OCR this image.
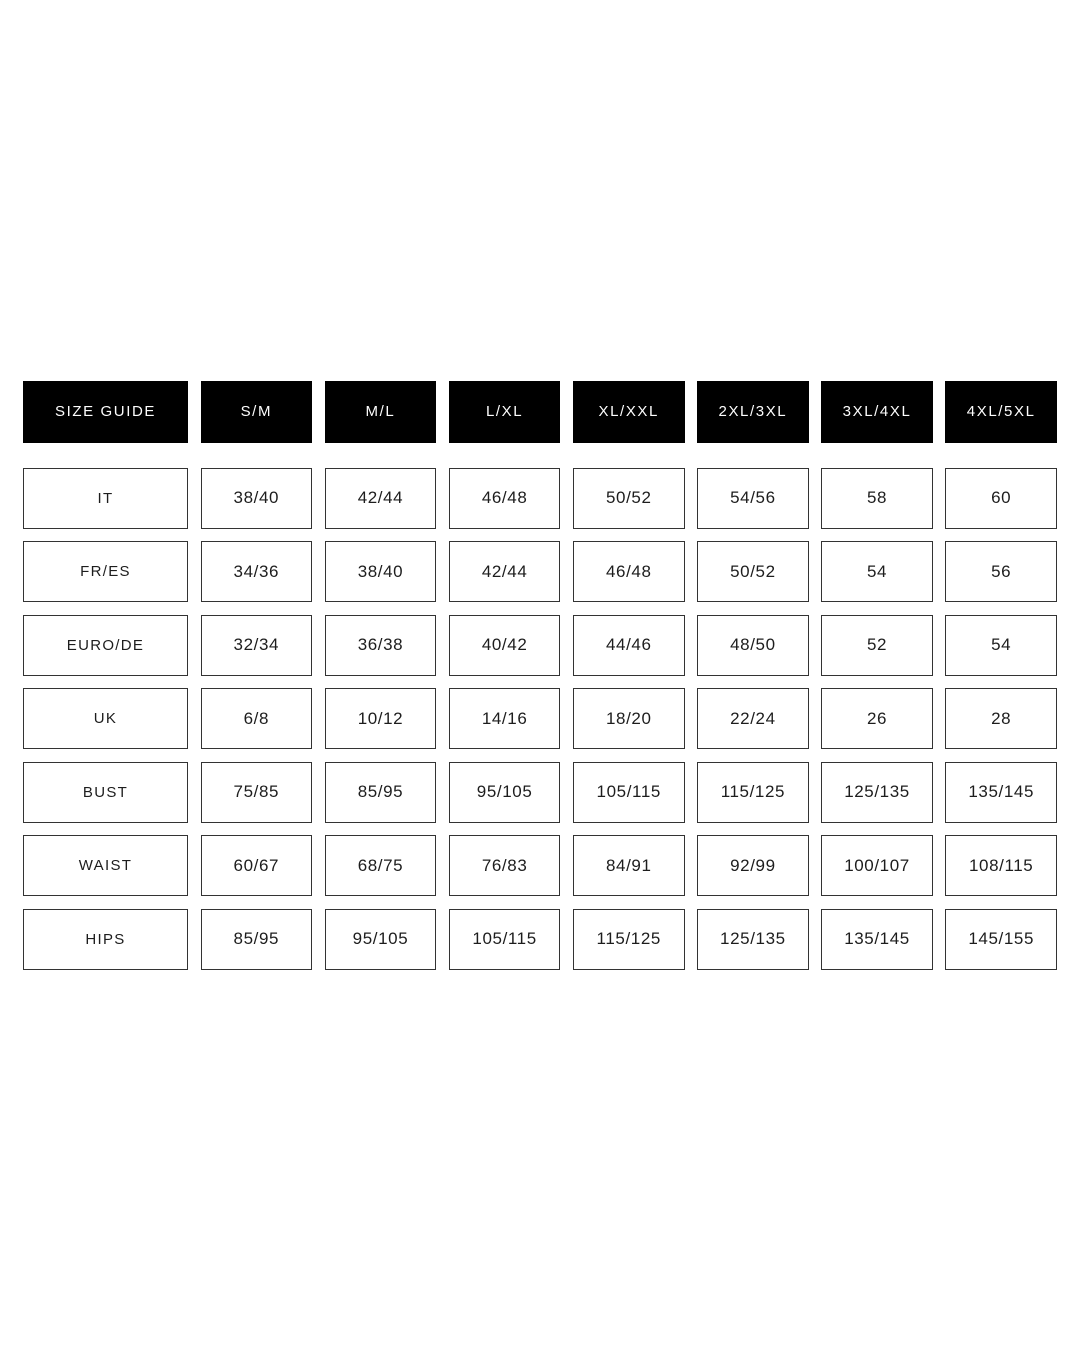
SIZE GUIDE	S/M	M/L	L/XL	XL/XXL	2XL/3XL	3XL/4XL	4XL/5XL
IT	38/40	42/44	46/48	50/52	54/56	58	60
FR/ES	34/36	38/40	42/44	46/48	50/52	54	56
EURO/DE	32/34	36/38	40/42	44/46	48/50	52	54
UK	6/8	10/12	14/16	18/20	22/24	26	28
BUST	75/85	85/95	95/105	105/115	115/125	125/135	135/145
WAIST	60/67	68/75	76/83	84/91	92/99	100/107	108/115
HIPS	85/95	95/105	105/115	115/125	125/135	135/145	145/155
